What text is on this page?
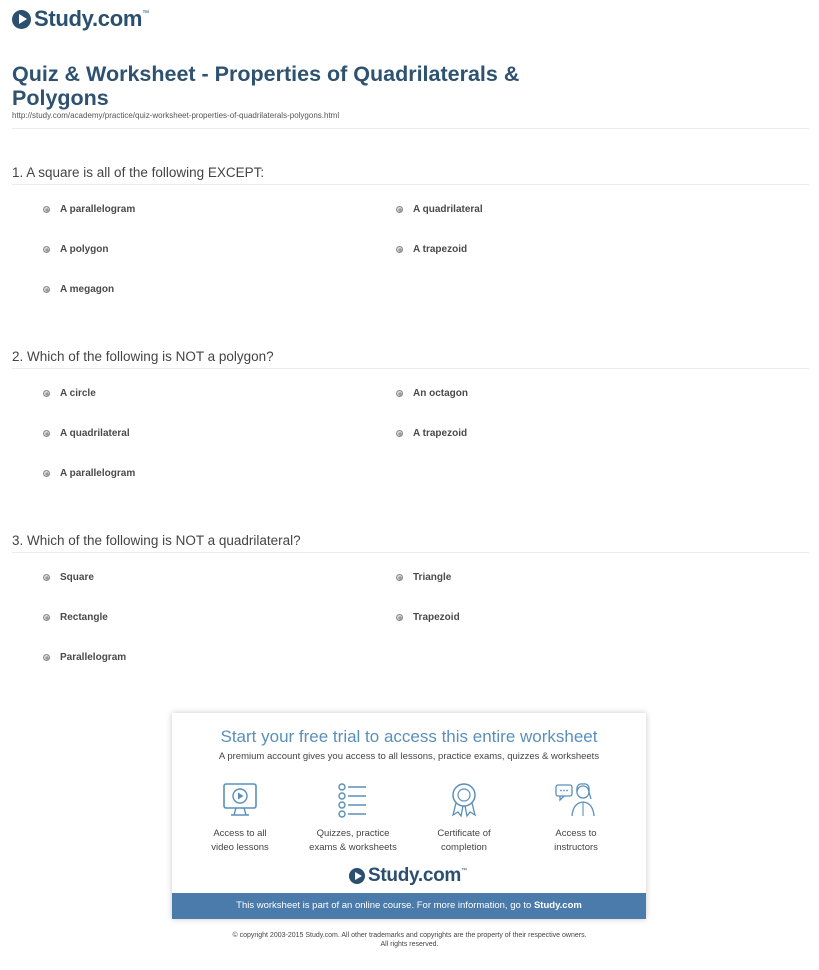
Study.com ™
Quiz & Worksheet - Properties of Quadrilaterals & Polygons
http://study.com/academy/practice/quiz-worksheet-properties-of-quadrilaterals-polygons.html
1. A square is all of the following EXCEPT:
A parallelogram	A quadrilateral
A polygon	A trapezoid
A megagon
2. Which of the following is NOT a polygon?
A circle	An octagon
A quadrilateral	A trapezoid
A parallelogram
3. Which of the following is NOT a quadrilateral?
Square	Triangle
Rectangle	Trapezoid
Parallelogram
Start your free trial to access this entire worksheet
A premium account gives you access to all lessons, practice exams, quizzes & worksheets
Access to all
video lessons
Quizzes, practice
exams & worksheets
Certificate of
completion
Access to
instructors
Study.com ™
This worksheet is part of an online course. For more information, go to Study.com
© copyright 2003-2015 Study.com. All other trademarks and copyrights are the property of their respective owners.
All rights reserved.
